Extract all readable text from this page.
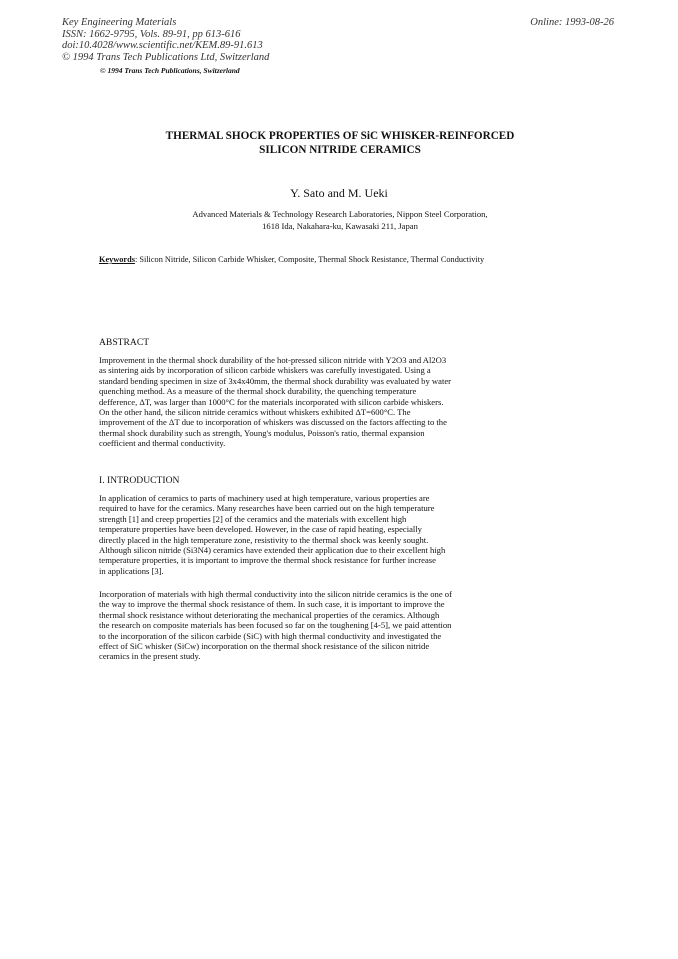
Key Engineering Materials
ISSN: 1662-9795, Vols. 89-91, pp 613-616
doi:10.4028/www.scientific.net/KEM.89-91.613
© 1994 Trans Tech Publications Ltd, Switzerland
Online: 1993-08-26
© 1994 Trans Tech Publications, Switzerland
THERMAL SHOCK PROPERTIES OF SiC WHISKER-REINFORCED
SILICON NITRIDE CERAMICS
Y. Sato and M. Ueki
Advanced Materials & Technology Research Laboratories, Nippon Steel Corporation,
1618 Ida, Nakahara-ku, Kawasaki 211, Japan
Keywords: Silicon Nitride, Silicon Carbide Whisker, Composite, Thermal Shock Resistance, Thermal Conductivity
ABSTRACT
Improvement in the thermal shock durability of the hot-pressed silicon nitride with Y2O3 and Al2O3
as sintering aids by incorporation of silicon carbide whiskers was carefully investigated. Using a
standard bending specimen in size of 3x4x40mm, the thermal shock durability was evaluated by water
quenching method. As a measure of the thermal shock durability, the quenching temperature
defference, ΔT, was larger than 1000°C for the materials incorporated with silicon carbide whiskers.
On the other hand, the silicon nitride ceramics without whiskers exhibited ΔT=600°C. The
improvement of the ΔT due to incorporation of whiskers was discussed on the factors affecting to the
thermal shock durability such as strength, Young's modulus, Poisson's ratio, thermal expansion
coefficient and thermal conductivity.
I. INTRODUCTION
In application of ceramics to parts of machinery used at high temperature, various properties are
required to have for the ceramics. Many researches have been carried out on the high temperature
strength [1] and creep properties [2] of the ceramics and the materials with excellent high
temperature properties have been developed. However, in the case of rapid heating, especially
directly placed in the high temperature zone, resistivity to the thermal shock was keenly sought.
Although silicon nitride (Si3N4) ceramics have extended their application due to their excellent high
temperature properties, it is important to improve the thermal shock resistance for further increase
in applications [3].
Incorporation of materials with high thermal conductivity into the silicon nitride ceramics is the one of
the way to improve the thermal shock resistance of them. In such case, it is important to improve the
thermal shock resistance without deteriorating the mechanical properties of the ceramics. Although
the research on composite materials has been focused so far on the toughening [4-5], we paid attention
to the incorporation of the silicon carbide (SiC) with high thermal conductivity and investigated the
effect of SiC whisker (SiCw) incorporation on the thermal shock resistance of the silicon nitride
ceramics in the present study.
